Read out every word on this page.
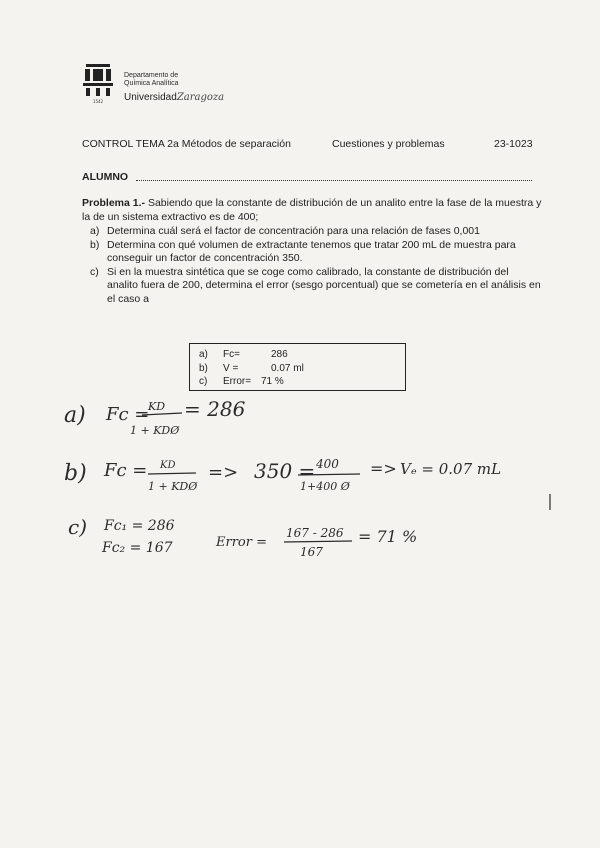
1542
Departamento de
Química Analítica
UniversidadZaragoza
CONTROL TEMA 2a Métodos de separación	Cuestiones y problemas	23-1023
ALUMNO
Problema 1.- Sabiendo que la constante de distribución de un analito entre la fase de la muestra y la de un sistema extractivo es de 400;
a) Determina cuál será el factor de concentración para una relación de fases 0,001
b) Determina con qué volumen de extractante tenemos que tratar 200 mL de muestra para conseguir un factor de concentración 350.
c) Si en la muestra sintética que se coge como calibrado, la constante de distribución del analito fuera de 200, determina el error (sesgo porcentual) que se cometería en el análisis en el caso a
a) Fc=	286
b) V =	0.07 ml
c) Error= 71 %
a) Fc =
KD
1 + KDØ
= 286
b) Fc = KD
1 + KDØ
=> 350 = 400
1+400 Ø
=> Vₑ = 0.07 mL
c) Fc₁ = 286
Fc₂ = 167	Error =
167 - 286
167
= 71 %
